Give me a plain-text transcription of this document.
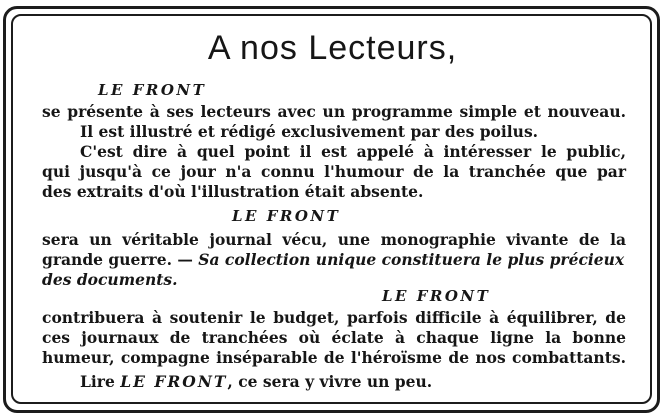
A nos Lecteurs,
LE FRONT
se présente à ses lecteurs avec un programme simple et nouveau.
Il est illustré et rédigé exclusivement par des poilus.
C'est dire à quel point il est appelé à intéresser le public,
qui jusqu'à ce jour n'a connu l'humour de la tranchée que par
des extraits d'où l'illustration était absente.
LE FRONT
sera un véritable journal vécu, une monographie vivante de la
grande guerre. — Sa collection unique constituera le plus précieux
des documents.
LE FRONT
contribuera à soutenir le budget, parfois difficile à équilibrer, de
ces journaux de tranchées où éclate à chaque ligne la bonne
humeur, compagne inséparable de l'héroïsme de nos combattants.
Lire LE FRONT, ce sera y vivre un peu.
